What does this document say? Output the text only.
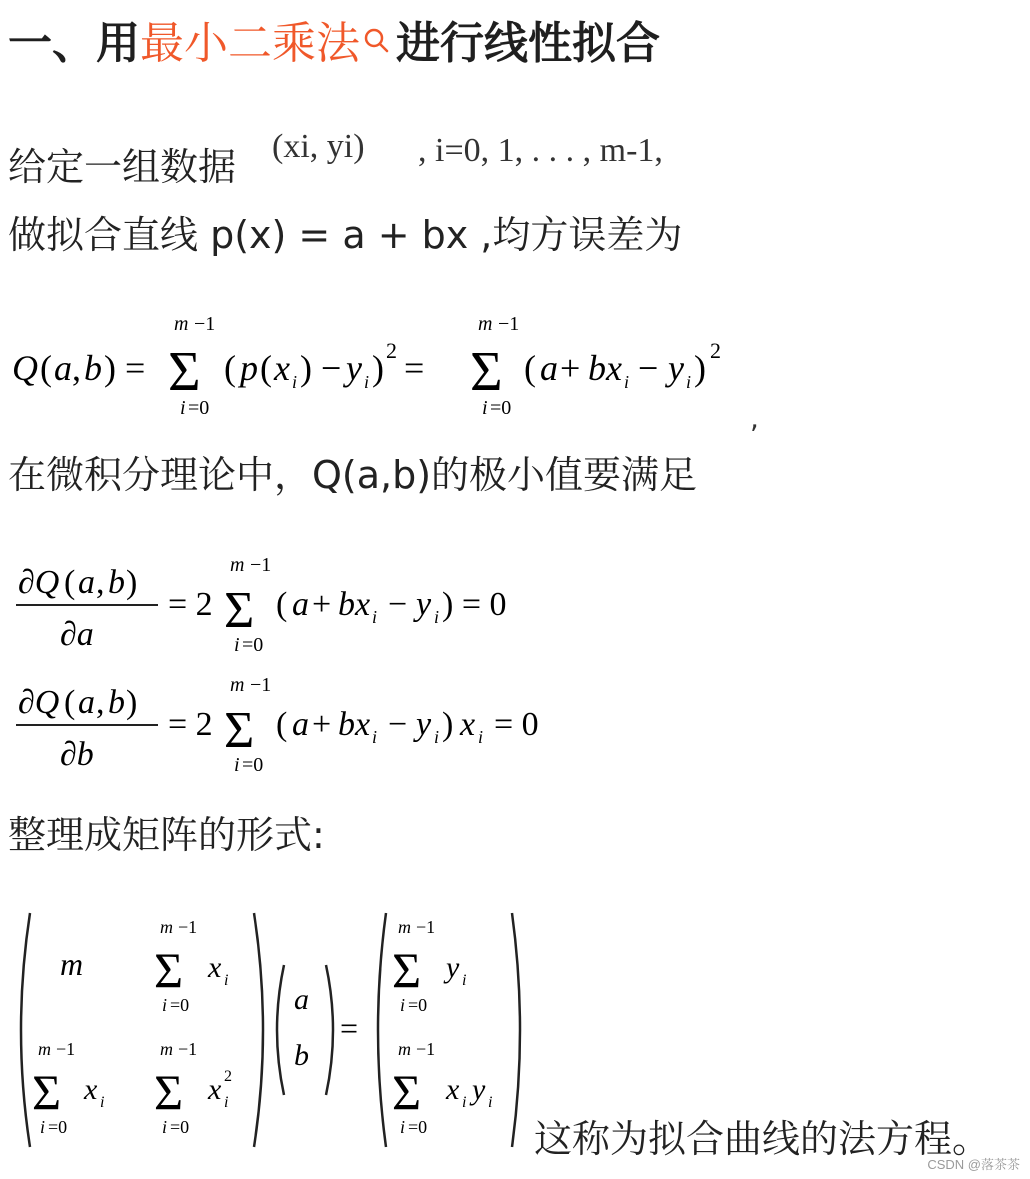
一、用最小二乘法 进行线性拟合
给定一组数据 (xi, yi) , i=0, 1, . . . , m-1,
做拟合直线 p(x) = a + bx ,均方误差为
Q ( a , b ) =
m −1
Σ
i =0
( p ( x i ) − y i ) 2 =
m −1
Σ
i =0
( a + bx i − y i ) 2
,
在微积分理论中，Q(a,b)的极小值要满足
∂Q ( a , b )
∂a
= 2
m −1
Σ
i =0
( a + bx i − y i ) = 0
∂Q ( a , b )
∂b
= 2
m −1
Σ
i =0
( a + bx i − y i ) x i = 0
整理成矩阵的形式:
m
m −1
Σ
i =0
x i
m −1
Σ
i =0
x i
m −1
Σ
i =0
x i
2
a
b
=
m −1
Σ
i =0
y i
m −1
Σ
i =0
x i y i
这称为拟合曲线的法方程。
CSDN @落茶茶
